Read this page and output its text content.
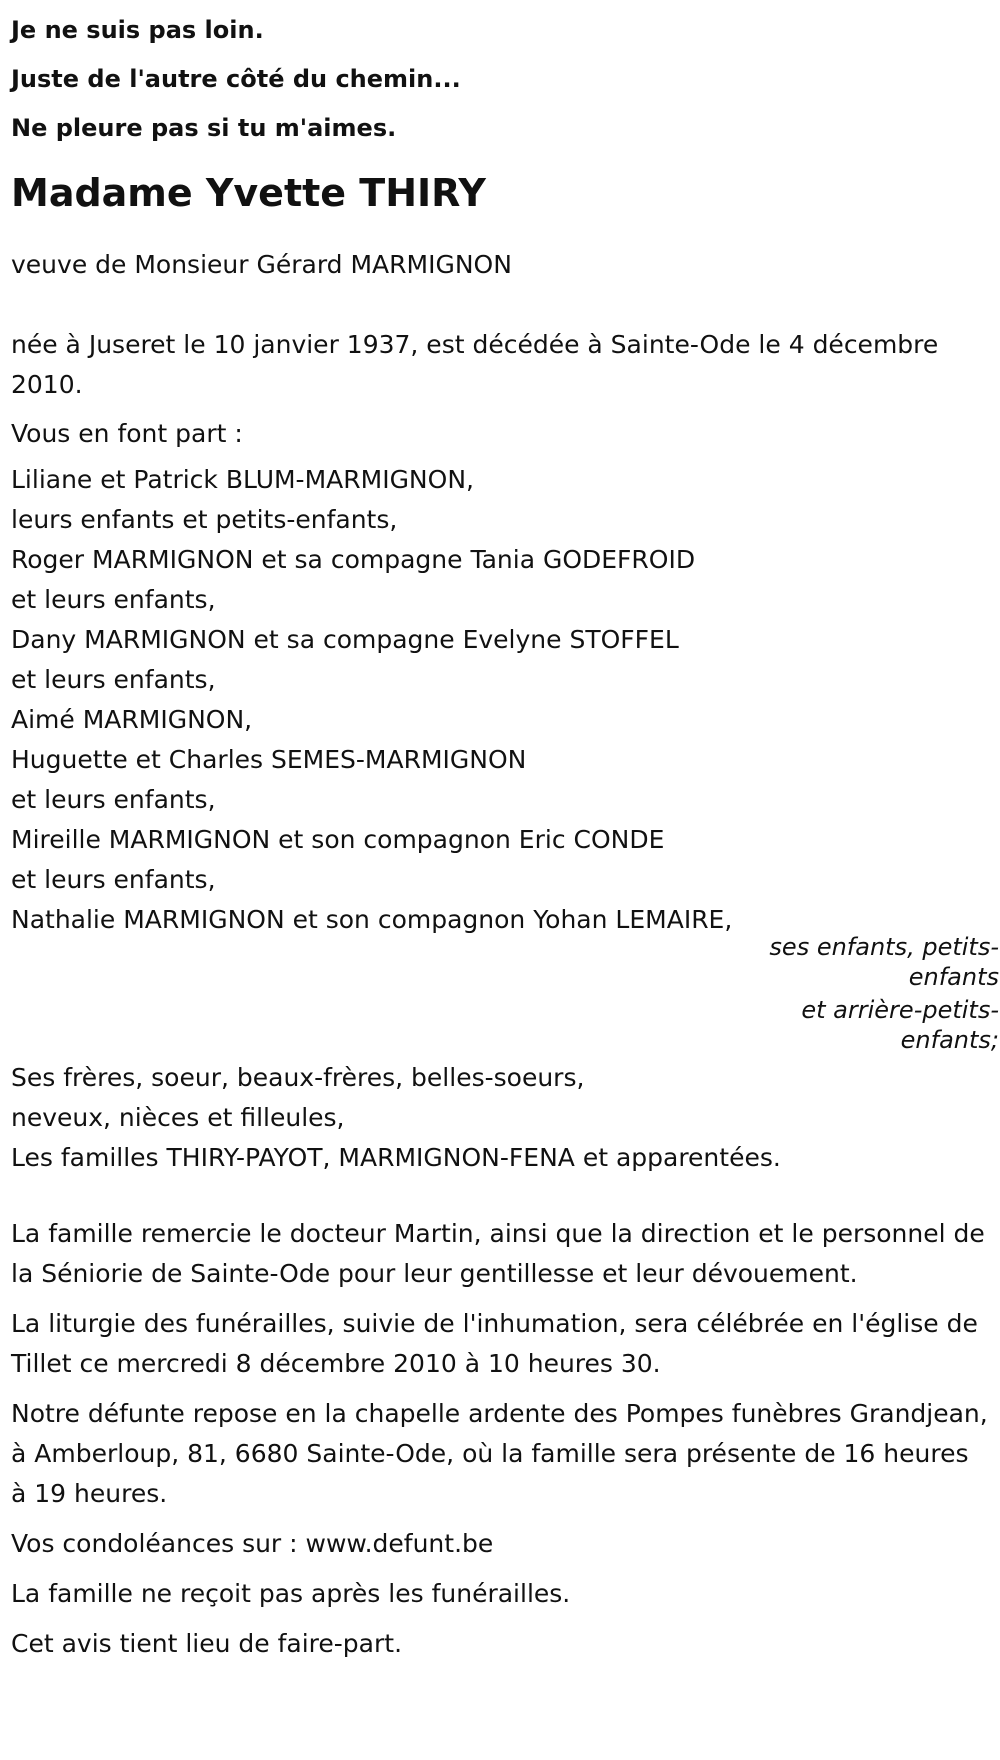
Je ne suis pas loin.
Juste de l'autre côté du chemin...
Ne pleure pas si tu m'aimes.
Madame Yvette THIRY
veuve de Monsieur Gérard MARMIGNON
née à Juseret le 10 janvier 1937, est décédée à Sainte-Ode le 4 décembre 2010.
Vous en font part :
Liliane et Patrick BLUM-MARMIGNON,
leurs enfants et petits-enfants,
Roger MARMIGNON et sa compagne Tania GODEFROID
et leurs enfants,
Dany MARMIGNON et sa compagne Evelyne STOFFEL
et leurs enfants,
Aimé MARMIGNON,
Huguette et Charles SEMES-MARMIGNON
et leurs enfants,
Mireille MARMIGNON et son compagnon Eric CONDE
et leurs enfants,
Nathalie MARMIGNON et son compagnon Yohan LEMAIRE,
ses enfants, petits-enfants
et arrière-petits-enfants;
Ses frères, soeur, beaux-frères, belles-soeurs,
neveux, nièces et filleules,
Les familles THIRY-PAYOT, MARMIGNON-FENA et apparentées.
La famille remercie le docteur Martin, ainsi que la direction et le personnel de la Séniorie de Sainte-Ode pour leur gentillesse et leur dévouement.
La liturgie des funérailles, suivie de l'inhumation, sera célébrée en l'église de Tillet ce mercredi 8 décembre 2010 à 10 heures 30.
Notre défunte repose en la chapelle ardente des Pompes funèbres Grandjean, à Amberloup, 81, 6680 Sainte-Ode, où la famille sera présente de 16 heures à 19 heures.
Vos condoléances sur : www.defunt.be
La famille ne reçoit pas après les funérailles.
Cet avis tient lieu de faire-part.
